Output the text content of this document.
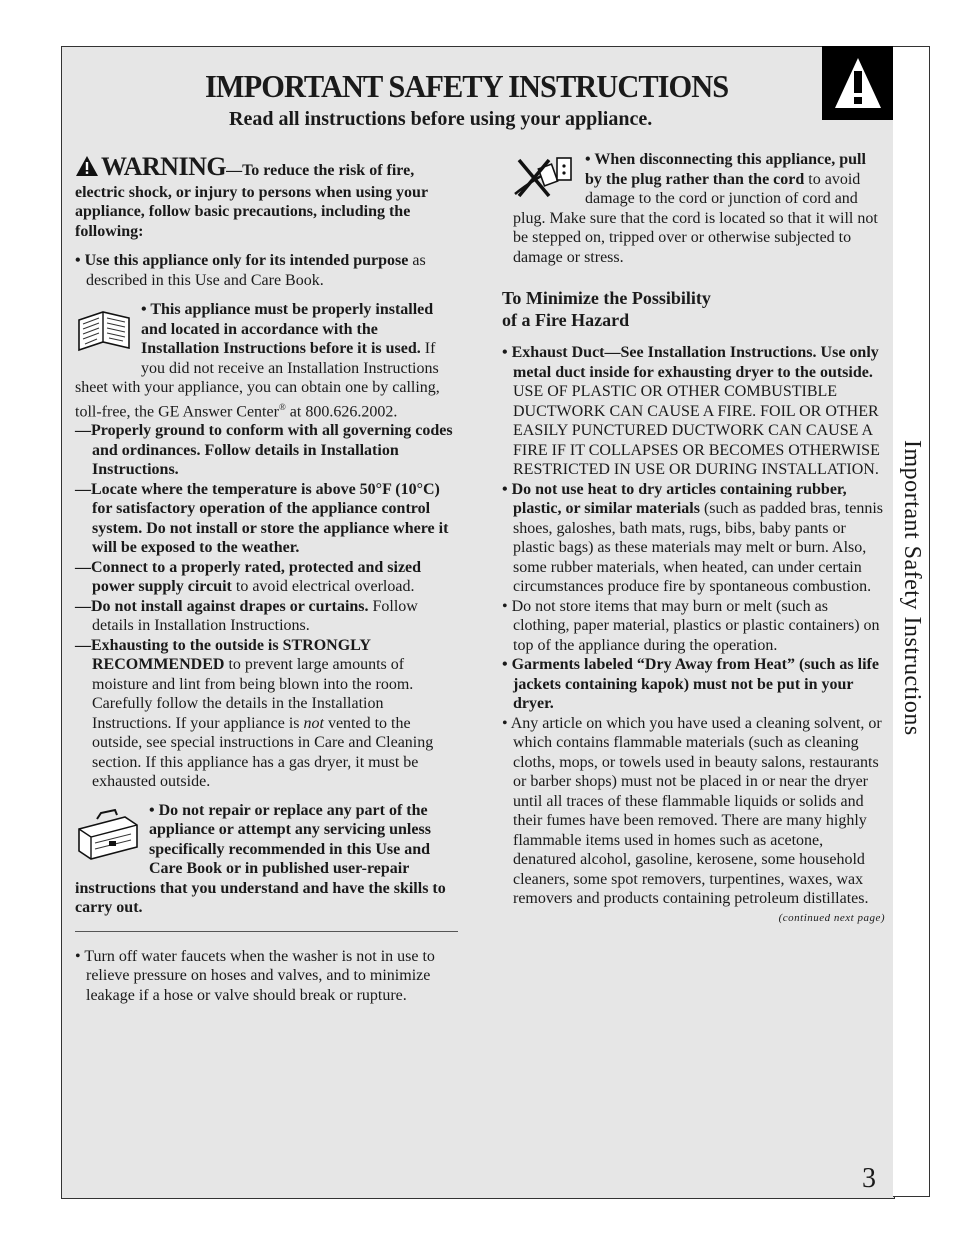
Important Safety Instructions
IMPORTANT SAFETY INSTRUCTIONS
Read all instructions before using your appliance.

WARNING—To reduce the risk of fire, electric shock, or injury to persons when using your appliance, follow basic precautions, including the following:

• Use this appliance only for its intended purpose as described in this Use and Care Book.

• This appliance must be properly installed and located in accordance with the Installation Instructions before it is used. If you did not receive an Installation Instructions sheet with your appliance, you can obtain one by calling, toll-free, the GE Answer Center® at 800.626.2002.

—Properly ground to conform with all governing codes and ordinances. Follow details in Installation Instructions.

—Locate where the temperature is above 50°F (10°C) for satisfactory operation of the appliance control system. Do not install or store the appliance where it will be exposed to the weather.

—Connect to a properly rated, protected and sized power supply circuit to avoid electrical overload.

—Do not install against drapes or curtains. Follow details in Installation Instructions.

—Exhausting to the outside is STRONGLY RECOMMENDED to prevent large amounts of moisture and lint from being blown into the room. Carefully follow the details in the Installation Instructions. If your appliance is not vented to the outside, see special instructions in Care and Cleaning section. If this appliance has a gas dryer, it must be exhausted outside.

• Do not repair or replace any part of the appliance or attempt any servicing unless specifically recommended in this Use and Care Book or in published user-repair instructions that you understand and have the skills to carry out.

• Turn off water faucets when the washer is not in use to relieve pressure on hoses and valves, and to minimize leakage if a hose or valve should break or rupture.

• When disconnecting this appliance, pull by the plug rather than the cord to avoid damage to the cord or junction of cord and plug. Make sure that the cord is located so that it will not be stepped on, tripped over or otherwise subjected to damage or stress.
To Minimize the Possibility
of a Fire Hazard

• Exhaust Duct—See Installation Instructions. Use only metal duct inside for exhausting dryer to the outside. USE OF PLASTIC OR OTHER COMBUSTIBLE DUCTWORK CAN CAUSE A FIRE. FOIL OR OTHER EASILY PUNCTURED DUCTWORK CAN CAUSE A FIRE IF IT COLLAPSES OR BECOMES OTHERWISE RESTRICTED IN USE OR DURING INSTALLATION.

• Do not use heat to dry articles containing rubber, plastic, or similar materials (such as padded bras, tennis shoes, galoshes, bath mats, rugs, bibs, baby pants or plastic bags) as these materials may melt or burn. Also, some rubber materials, when heated, can under certain circumstances produce fire by spontaneous combustion.

• Do not store items that may burn or melt (such as clothing, paper material, plastics or plastic containers) on top of the appliance during the operation.

• Garments labeled “Dry Away from Heat” (such as life jackets containing kapok) must not be put in your dryer.

• Any article on which you have used a cleaning solvent, or which contains flammable materials (such as cleaning cloths, mops, or towels used in beauty salons, restaurants or barber shops) must not be placed in or near the dryer until all traces of these flammable liquids or solids and their fumes have been removed. There are many highly flammable items used in homes such as acetone, denatured alcohol, gasoline, kerosene, some household cleaners, some spot removers, turpentines, waxes, wax removers and products containing petroleum distillates.

(continued next page)

3
